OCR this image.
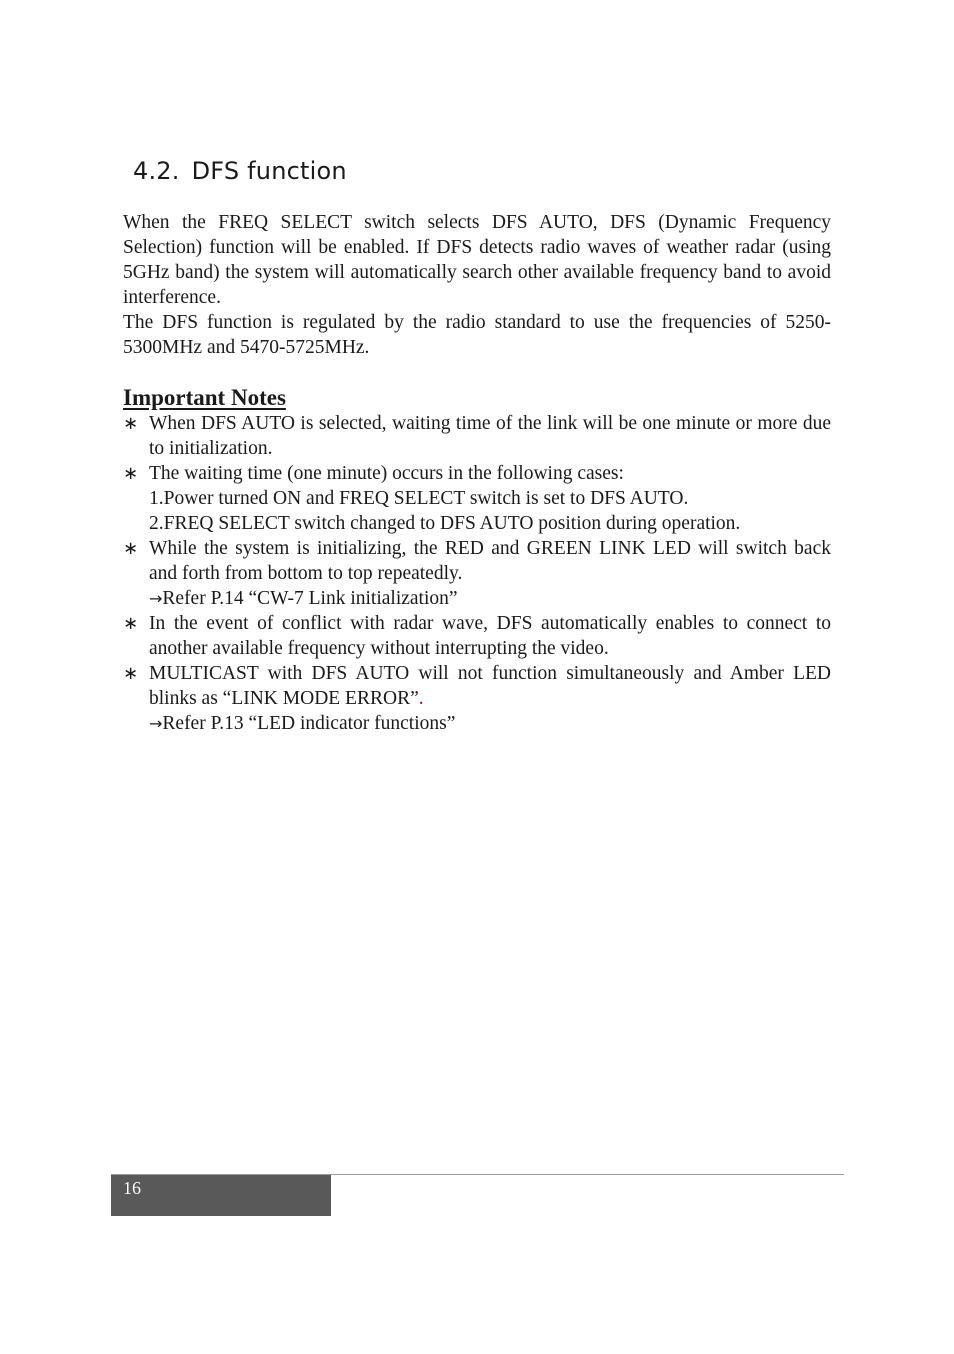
4.2. DFS function

When the FREQ SELECT switch selects DFS AUTO, DFS (Dynamic Frequency Selection) function will be enabled. If DFS detects radio waves of weather radar (using 5GHz band) the system will automatically search other available frequency band to avoid interference.

The DFS function is regulated by the radio standard to use the frequencies of 5250-5300MHz and 5470-5725MHz.

Important Notes
∗ When DFS AUTO is selected, waiting time of the link will be one minute or more due to initialization.
∗ The waiting time (one minute) occurs in the following cases:
1.Power turned ON and FREQ SELECT switch is set to DFS AUTO.
2.FREQ SELECT switch changed to DFS AUTO position during operation.
∗ While the system is initializing, the RED and GREEN LINK LED will switch back and forth from bottom to top repeatedly.
→Refer P.14 “CW-7 Link initialization”
∗ In the event of conflict with radar wave, DFS automatically enables to connect to another available frequency without interrupting the video.
∗ MULTICAST with DFS AUTO will not function simultaneously and Amber LED blinks as “LINK MODE ERROR”.
→Refer P.13 “LED indicator functions”
16
